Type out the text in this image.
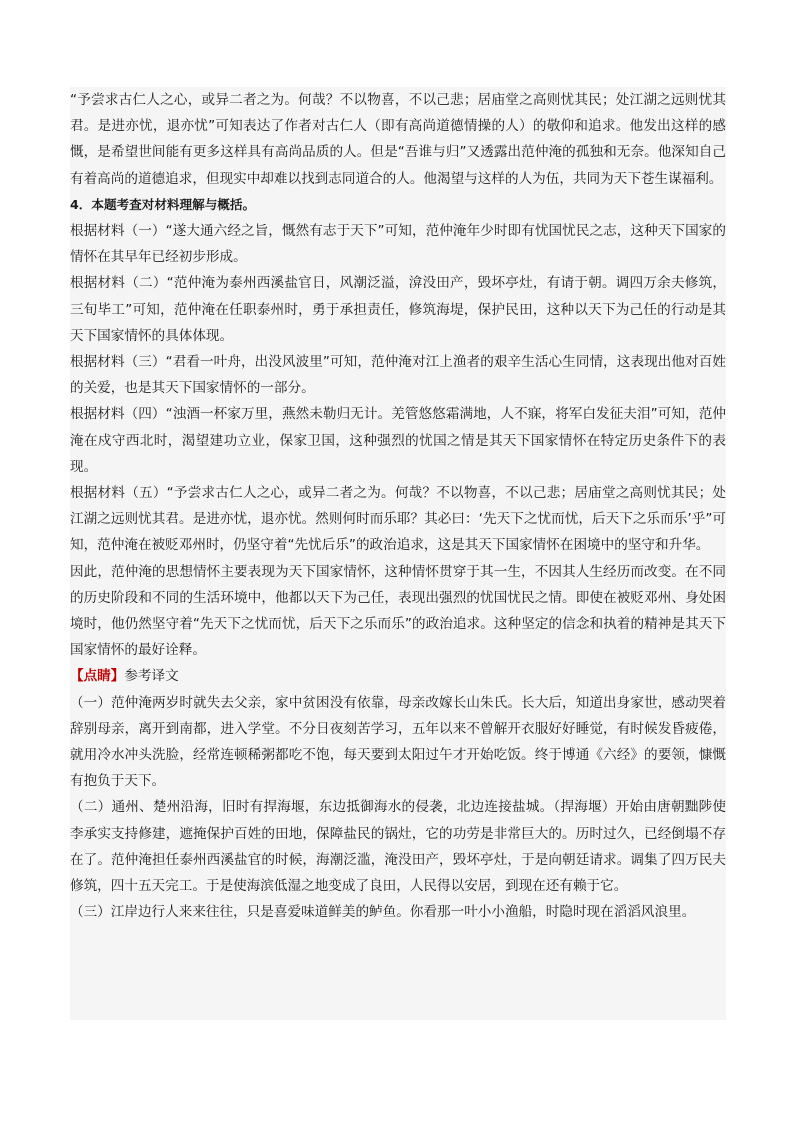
“予尝求古仁人之心，或异二者之为。何哉？不以物喜，不以己悲；居庙堂之高则忧其民；处江湖之远则忧其君。是进亦忧，退亦忧”可知表达了作者对古仁人（即有高尚道德情操的人）的敬仰和追求。他发出这样的感慨，是希望世间能有更多这样具有高尚品质的人。但是“吾谁与归”又透露出范仲淹的孤独和无奈。他深知自己有着高尚的道德追求，但现实中却难以找到志同道合的人。他渴望与这样的人为伍，共同为天下苍生谋福利。

4．本题考查对材料理解与概括。

根据材料（一）“遂大通六经之旨，慨然有志于天下”可知，范仲淹年少时即有忧国忧民之志，这种天下国家的情怀在其早年已经初步形成。

根据材料（二）“范仲淹为泰州西溪盐官日，风潮泛溢，渰没田产，毁坏亭灶，有请于朝。调四万余夫修筑，三旬毕工”可知，范仲淹在任职泰州时，勇于承担责任，修筑海堤，保护民田，这种以天下为己任的行动是其天下国家情怀的具体体现。

根据材料（三）“君看一叶舟，出没风波里”可知，范仲淹对江上渔者的艰辛生活心生同情，这表现出他对百姓的关爱，也是其天下国家情怀的一部分。

根据材料（四）“浊酒一杯家万里，燕然未勒归无计。羌管悠悠霜满地，人不寐，将军白发征夫泪”可知，范仲淹在戍守西北时，渴望建功立业，保家卫国，这种强烈的忧国之情是其天下国家情怀在特定历史条件下的表现。

根据材料（五）“予尝求古仁人之心，或异二者之为。何哉？不以物喜，不以己悲；居庙堂之高则忧其民；处江湖之远则忧其君。是进亦忧，退亦忧。然则何时而乐耶？其必曰：‘先天下之忧而忧，后天下之乐而乐’乎”可知，范仲淹在被贬邓州时，仍坚守着“先忧后乐”的政治追求，这是其天下国家情怀在困境中的坚守和升华。

因此，范仲淹的思想情怀主要表现为天下国家情怀，这种情怀贯穿于其一生，不因其人生经历而改变。在不同的历史阶段和不同的生活环境中，他都以天下为己任，表现出强烈的忧国忧民之情。即使在被贬邓州、身处困境时，他仍然坚守着“先天下之忧而忧，后天下之乐而乐”的政治追求。这种坚定的信念和执着的精神是其天下国家情怀的最好诠释。

【点睛】参考译文

（一）范仲淹两岁时就失去父亲，家中贫困没有依靠，母亲改嫁长山朱氏。长大后，知道出身家世，感动哭着辞别母亲，离开到南都，进入学堂。不分日夜刻苦学习，五年以来不曾解开衣服好好睡觉，有时候发昏疲倦，就用冷水冲头洗脸，经常连顿稀粥都吃不饱，每天要到太阳过午才开始吃饭。终于博通《六经》的要领，慷慨有抱负于天下。

（二）通州、楚州沿海，旧时有捍海堰，东边抵御海水的侵袭，北边连接盐城。（捍海堰）开始由唐朝黜陟使李承实支持修建，遮掩保护百姓的田地，保障盐民的锅灶，它的功劳是非常巨大的。历时过久，已经倒塌不存在了。范仲淹担任泰州西溪盐官的时候，海潮泛滥，淹没田产，毁坏亭灶，于是向朝廷请求。调集了四万民夫修筑，四十五天完工。于是使海滨低湿之地变成了良田，人民得以安居，到现在还有赖于它。

（三）江岸边行人来来往往，只是喜爱味道鲜美的鲈鱼。你看那一叶小小渔船，时隐时现在滔滔风浪里。
